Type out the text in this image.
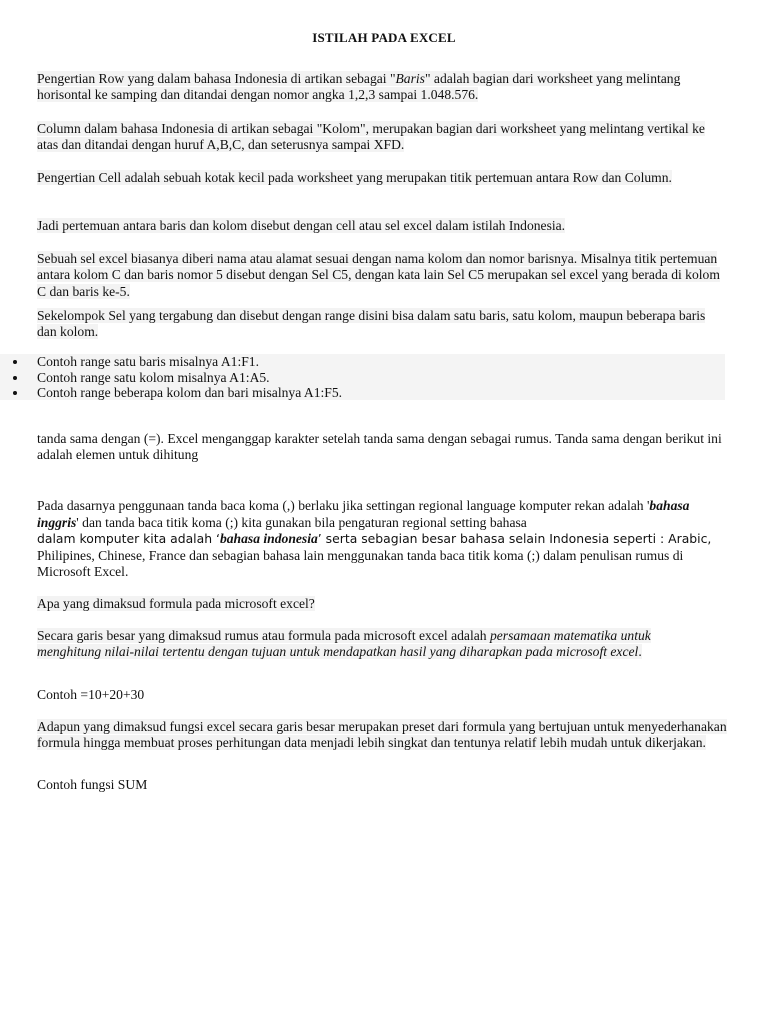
ISTILAH PADA EXCEL

Pengertian Row yang dalam bahasa Indonesia di artikan sebagai "Baris" adalah bagian dari worksheet yang melintang horisontal ke samping dan ditandai dengan nomor angka 1,2,3 sampai 1.048.576.

Column dalam bahasa Indonesia di artikan sebagai "Kolom", merupakan bagian dari worksheet yang melintang vertikal ke atas dan ditandai dengan huruf A,B,C, dan seterusnya sampai XFD.

Pengertian Cell adalah sebuah kotak kecil pada worksheet yang merupakan titik pertemuan antara Row dan Column.

Jadi pertemuan antara baris dan kolom disebut dengan cell atau sel excel dalam istilah Indonesia.

Sebuah sel excel biasanya diberi nama atau alamat sesuai dengan nama kolom dan nomor barisnya. Misalnya titik pertemuan antara kolom C dan baris nomor 5 disebut dengan Sel C5, dengan kata lain Sel C5 merupakan sel excel yang berada di kolom C dan baris ke-5.

Sekelompok Sel yang tergabung dan disebut dengan range disini bisa dalam satu baris, satu kolom, maupun beberapa baris dan kolom.

Contoh range satu baris misalnya A1:F1.
Contoh range satu kolom misalnya A1:A5.
Contoh range beberapa kolom dan bari misalnya A1:F5.

tanda sama dengan (=). Excel menganggap karakter setelah tanda sama dengan sebagai rumus. Tanda sama dengan berikut ini adalah elemen untuk dihitung

Pada dasarnya penggunaan tanda baca koma (,) berlaku jika settingan regional language komputer rekan adalah 'bahasa inggris' dan tanda baca titik koma (;) kita gunakan bila pengaturan regional setting bahasa
dalam komputer kita adalah ‘bahasa indonesia’ serta sebagian besar bahasa selain Indonesia seperti : Arabic,
Philipines, Chinese, France dan sebagian bahasa lain menggunakan tanda baca titik koma (;) dalam penulisan rumus di Microsoft Excel.

Apa yang dimaksud formula pada microsoft excel?

Secara garis besar yang dimaksud rumus atau formula pada microsoft excel adalah persamaan matematika untuk menghitung nilai-nilai tertentu dengan tujuan untuk mendapatkan hasil yang diharapkan pada microsoft excel.

Contoh =10+20+30

Adapun yang dimaksud fungsi excel secara garis besar merupakan preset dari formula yang bertujuan untuk menyederhanakan formula hingga membuat proses perhitungan data menjadi lebih singkat dan tentunya relatif lebih mudah untuk dikerjakan.

Contoh fungsi SUM
